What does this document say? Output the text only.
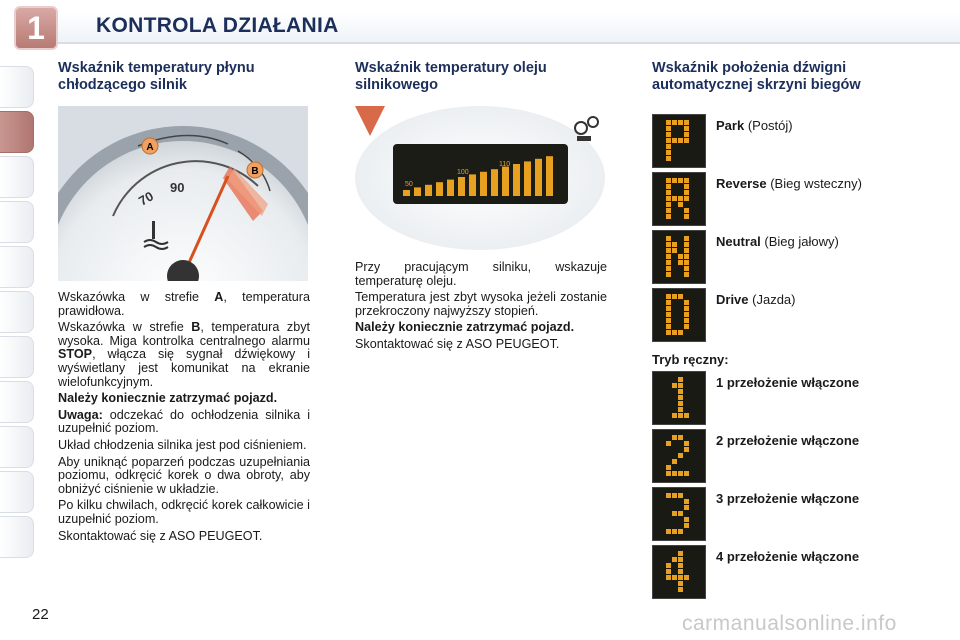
1	KONTROLA DZIAŁANIA
Wskaźnik temperatury płynu chłodzącego silnik
A
B
70
90
Wskazówka w strefie A, temperatura prawidłowa.
Wskazówka w strefie B, temperatura zbyt wysoka. Miga kontrolka centralnego alarmu STOP, włącza się sygnał dźwiękowy i wyświetlany jest komunikat na ekranie wielofunkcyjnym.
Należy koniecznie zatrzymać pojazd.
Uwaga: odczekać do ochłodzenia silnika i uzupełnić poziom.
Układ chłodzenia silnika jest pod ciśnieniem.
Aby uniknąć poparzeń podczas uzupełniania poziomu, odkręcić korek o dwa obroty, aby obniżyć ciśnienie w układzie.
Po kilku chwilach, odkręcić korek całkowicie i uzupełnić poziom.
Skontaktować się z ASO PEUGEOT.
Wskaźnik temperatury oleju silnikowego
50
100
110
Przy pracującym silniku, wskazuje temperaturę oleju.
Temperatura jest zbyt wysoka jeżeli zostanie przekroczony najwyższy stopień.
Należy koniecznie zatrzymać pojazd.
Skontaktować się z ASO PEUGEOT.
Wskaźnik położenia dźwigni automatycznej skrzyni biegów
Park (Postój)
Reverse (Bieg wsteczny)
Neutral (Bieg jałowy)
Drive (Jazda)
Tryb ręczny:
1 przełożenie włączone
2 przełożenie włączone
3 przełożenie włączone
4 przełożenie włączone
22	carmanualsonline.info
